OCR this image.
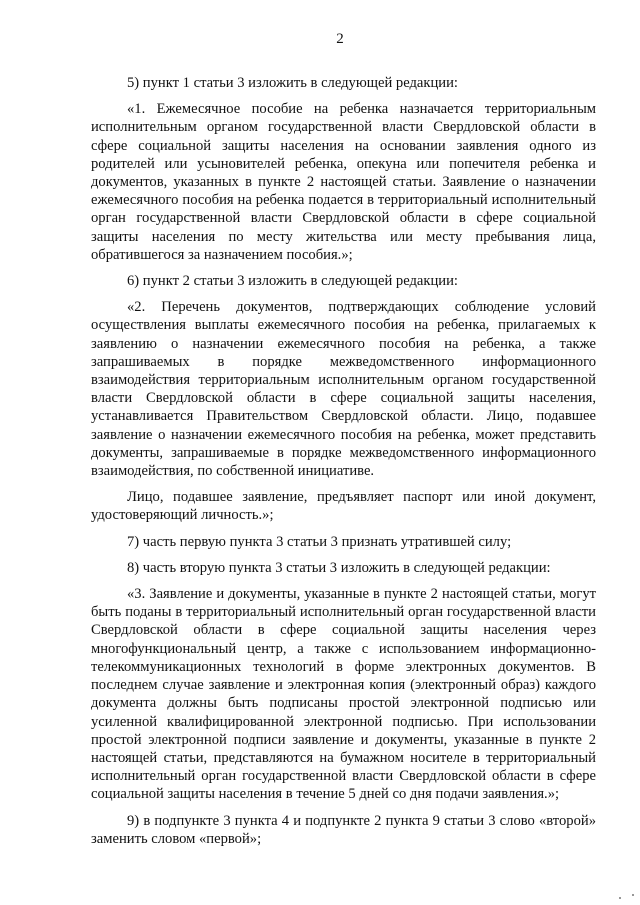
2

5) пункт 1 статьи 3 изложить в следующей редакции:

«1. Ежемесячное пособие на ребенка назначается территориальным исполнительным органом государственной власти Свердловской области в сфере социальной защиты населения на основании заявления одного из родителей или усыновителей ребенка, опекуна или попечителя ребенка и документов, указанных в пункте 2 настоящей статьи. Заявление о назначении ежемесячного пособия на ребенка подается в территориальный исполнительный орган государственной власти Свердловской области в сфере социальной защиты населения по месту жительства или месту пребывания лица, обратившегося за назначением пособия.»;

6) пункт 2 статьи 3 изложить в следующей редакции:

«2. Перечень документов, подтверждающих соблюдение условий осуществления выплаты ежемесячного пособия на ребенка, прилагаемых к заявлению о назначении ежемесячного пособия на ребенка, а также запрашиваемых в порядке межведомственного информационного взаимодействия территориальным исполнительным органом государственной власти Свердловской области в сфере социальной защиты населения, устанавливается Правительством Свердловской области. Лицо, подавшее заявление о назначении ежемесячного пособия на ребенка, может представить документы, запрашиваемые в порядке межведомственного информационного взаимодействия, по собственной инициативе.

Лицо, подавшее заявление, предъявляет паспорт или иной документ, удостоверяющий личность.»;

7) часть первую пункта 3 статьи 3 признать утратившей силу;

8) часть вторую пункта 3 статьи 3 изложить в следующей редакции:

«3. Заявление и документы, указанные в пункте 2 настоящей статьи, могут быть поданы в территориальный исполнительный орган государственной власти Свердловской области в сфере социальной защиты населения через многофункциональный центр, а также с использованием информационно-телекоммуникационных технологий в форме электронных документов. В последнем случае заявление и электронная копия (электронный образ) каждого документа должны быть подписаны простой электронной подписью или усиленной квалифицированной электронной подписью. При использовании простой электронной подписи заявление и документы, указанные в пункте 2 настоящей статьи, представляются на бумажном носителе в территориальный исполнительный орган государственной власти Свердловской области в сфере социальной защиты населения в течение 5 дней со дня подачи заявления.»;

9) в подпункте 3 пункта 4 и подпункте 2 пункта 9 статьи 3 слово «второй» заменить словом «первой»;
